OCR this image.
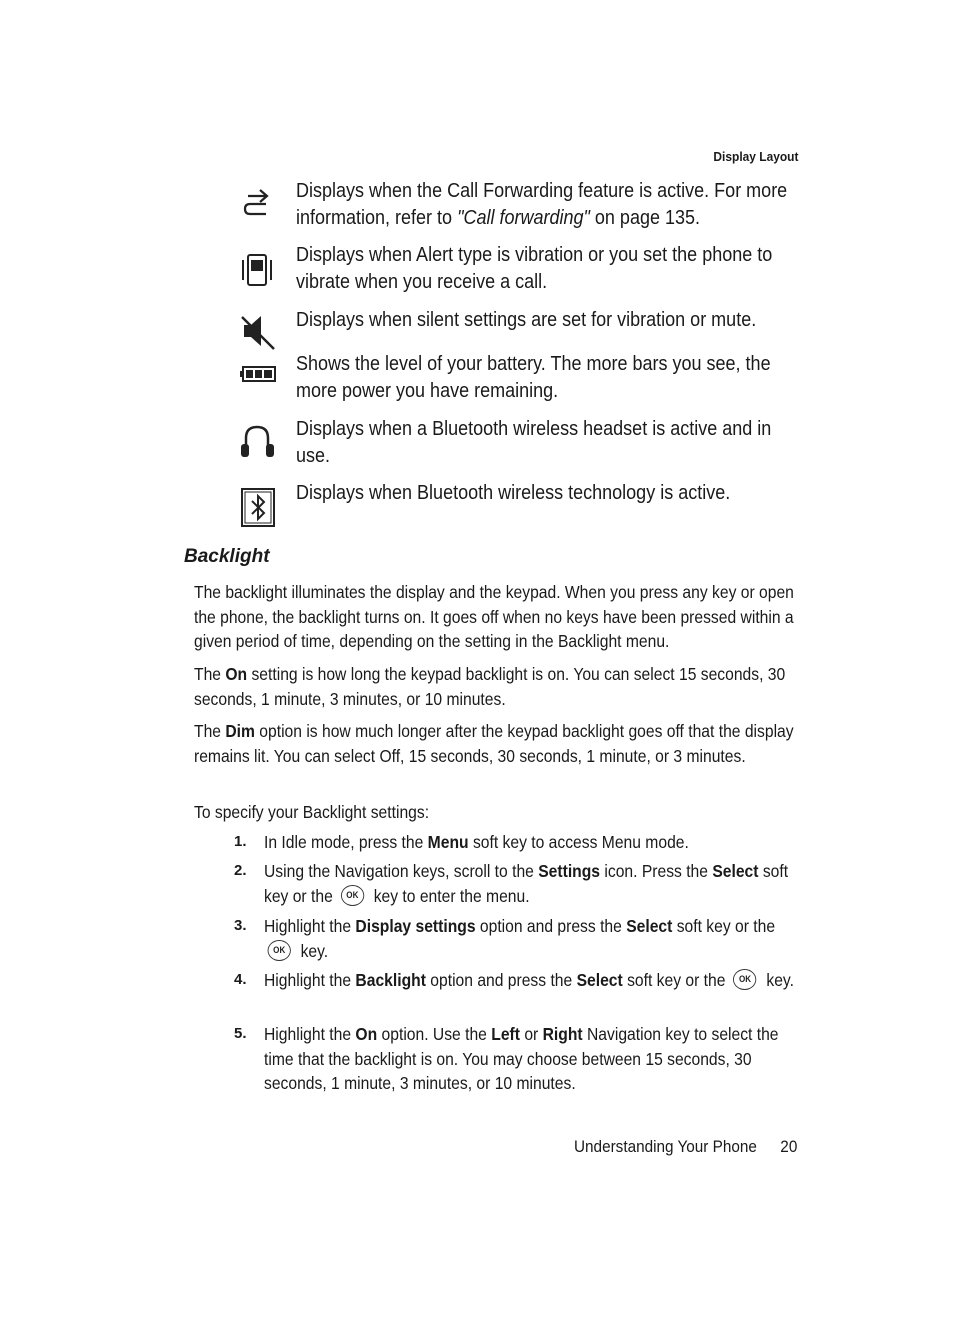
Display Layout
Displays when the Call Forwarding feature is active. For more
information, refer to "Call forwarding" on page 135.
Displays when Alert type is vibration or you set the phone to
vibrate when you receive a call.
Displays when silent settings are set for vibration or mute.
Shows the level of your battery. The more bars you see, the
more power you have remaining.
Displays when a Bluetooth wireless headset is active and in
use.
Displays when Bluetooth wireless technology is active.
Backlight

The backlight illuminates the display and the keypad. When you press any key or open the phone, the backlight turns on. It goes off when no keys have been pressed within a given period of time, depending on the setting in the Backlight menu.

The On setting is how long the keypad backlight is on. You can select 15 seconds, 30 seconds, 1 minute, 3 minutes, or 10 minutes.

The Dim option is how much longer after the keypad backlight goes off that the display remains lit. You can select Off, 15 seconds, 30 seconds, 1 minute, or 3 minutes.

To specify your Backlight settings:

1. In Idle mode, press the Menu soft key to access Menu mode.
2. Using the Navigation keys, scroll to the Settings icon. Press the Select soft key or the OK key to enter the menu.
3. Highlight the Display settings option and press the Select soft key or the OK key.
4. Highlight the Backlight option and press the Select soft key or the OK key.
5. Highlight the On option. Use the Left or Right Navigation key to select the time that the backlight is on. You may choose between 15 seconds, 30 seconds, 1 minute, 3 minutes, or 10 minutes.
Understanding Your Phone 20
